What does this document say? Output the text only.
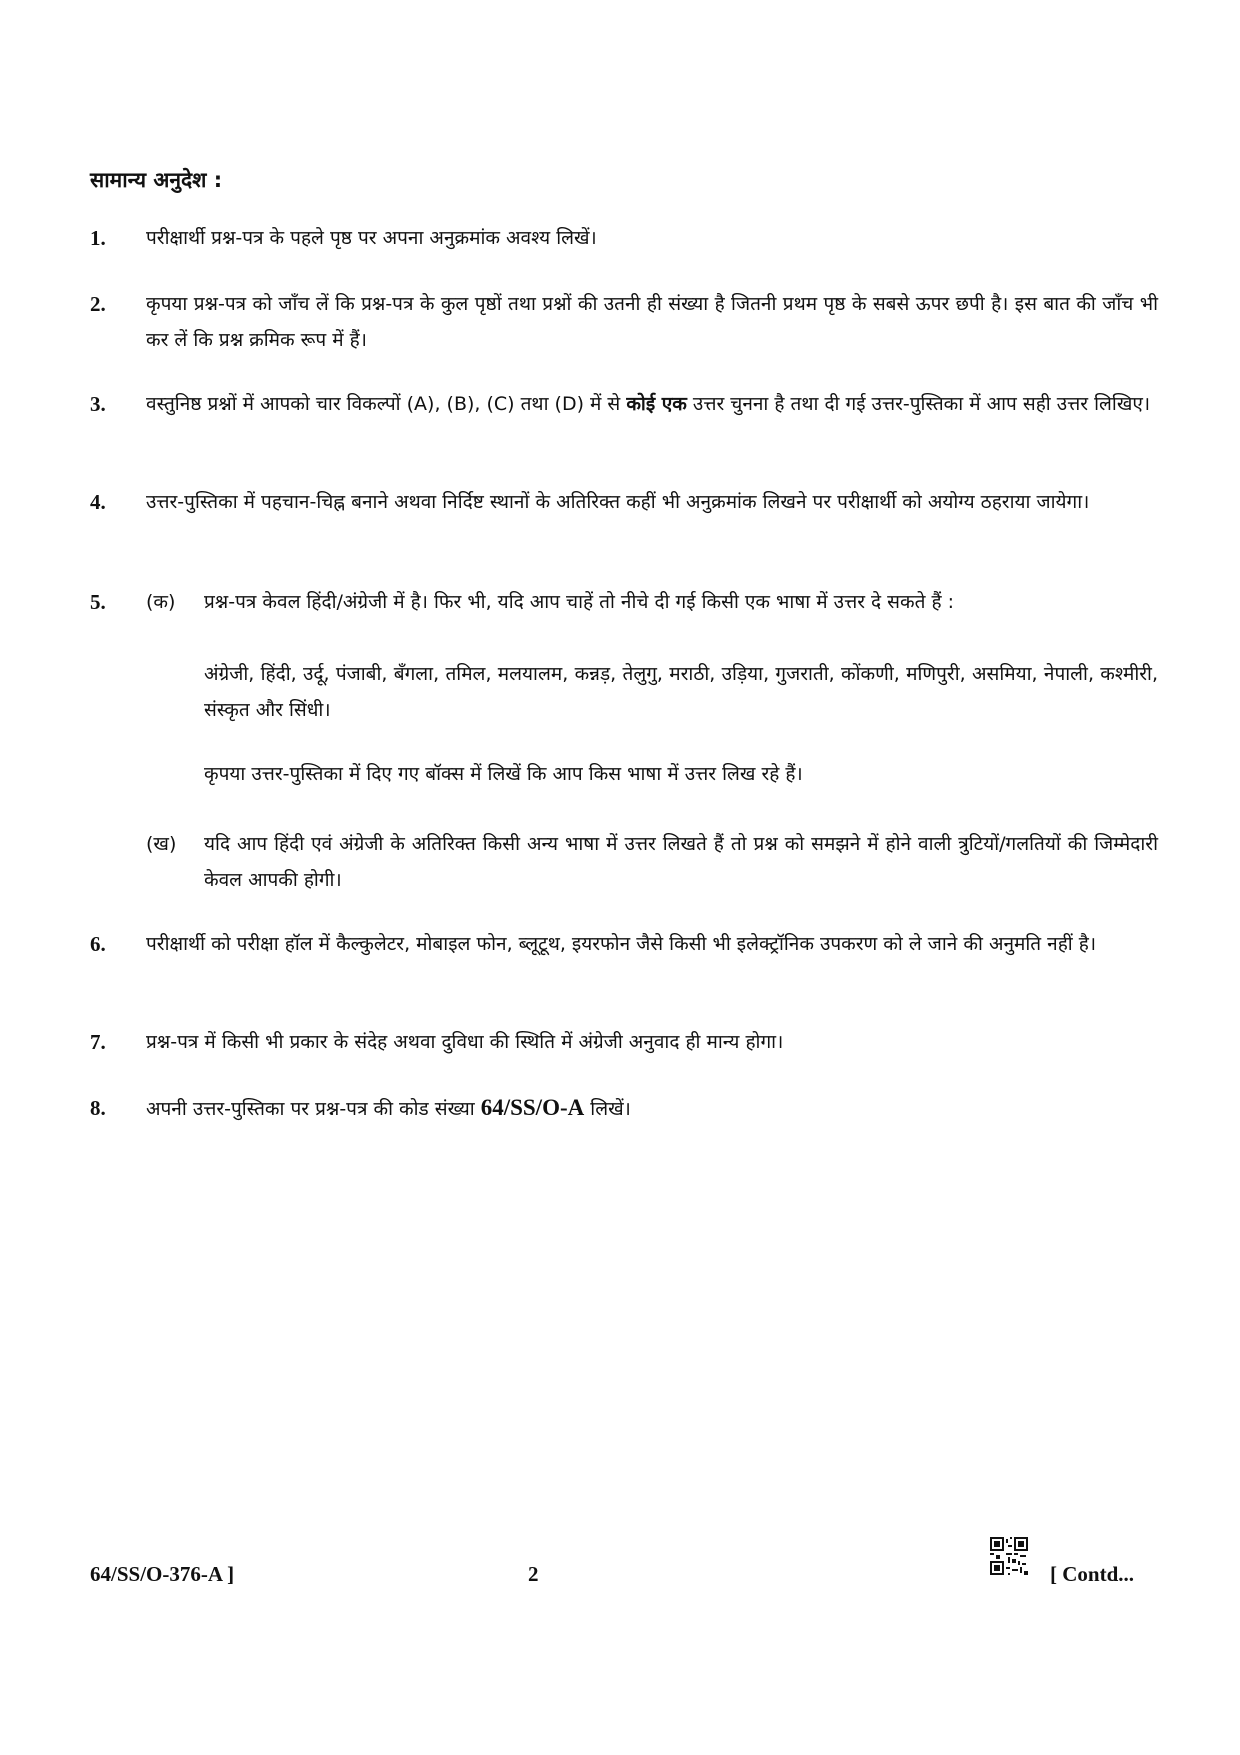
सामान्य अनुदेश :
1.	परीक्षार्थी प्रश्न-पत्र के पहले पृष्ठ पर अपना अनुक्रमांक अवश्य लिखें।
2.	कृपया प्रश्न-पत्र को जाँच लें कि प्रश्न-पत्र के कुल पृष्ठों तथा प्रश्नों की उतनी ही संख्या है जितनी प्रथम पृष्ठ के सबसे ऊपर छपी है। इस बात की जाँच भी कर लें कि प्रश्न क्रमिक रूप में हैं।
3.	वस्तुनिष्ठ प्रश्नों में आपको चार विकल्पों (A), (B), (C) तथा (D) में से कोई एक उत्तर चुनना है तथा दी गई उत्तर-पुस्तिका में आप सही उत्तर लिखिए।
4.	उत्तर-पुस्तिका में पहचान-चिह्न बनाने अथवा निर्दिष्ट स्थानों के अतिरिक्त कहीं भी अनुक्रमांक लिखने पर परीक्षार्थी को अयोग्य ठहराया जायेगा।
5.	(क) प्रश्न-पत्र केवल हिंदी/अंग्रेजी में है। फिर भी, यदि आप चाहें तो नीचे दी गई किसी एक भाषा में उत्तर दे सकते हैं :
अंग्रेजी, हिंदी, उर्दू, पंजाबी, बँगला, तमिल, मलयालम, कन्नड़, तेलुगु, मराठी, उड़िया, गुजराती, कोंकणी, मणिपुरी, असमिया, नेपाली, कश्मीरी, संस्कृत और सिंधी।
कृपया उत्तर-पुस्तिका में दिए गए बॉक्स में लिखें कि आप किस भाषा में उत्तर लिख रहे हैं।
(ख) यदि आप हिंदी एवं अंग्रेजी के अतिरिक्त किसी अन्य भाषा में उत्तर लिखते हैं तो प्रश्न को समझने में होने वाली त्रुटियों/गलतियों की जिम्मेदारी केवल आपकी होगी।
6.	परीक्षार्थी को परीक्षा हॉल में कैल्कुलेटर, मोबाइल फोन, ब्लूटूथ, इयरफोन जैसे किसी भी इलेक्ट्रॉनिक उपकरण को ले जाने की अनुमति नहीं है।
7.	प्रश्न-पत्र में किसी भी प्रकार के संदेह अथवा दुविधा की स्थिति में अंग्रेजी अनुवाद ही मान्य होगा।
8.	अपनी उत्तर-पुस्तिका पर प्रश्न-पत्र की कोड संख्या 64/SS/O-A लिखें।
64/SS/O-376-A ]	2	[ Contd...
